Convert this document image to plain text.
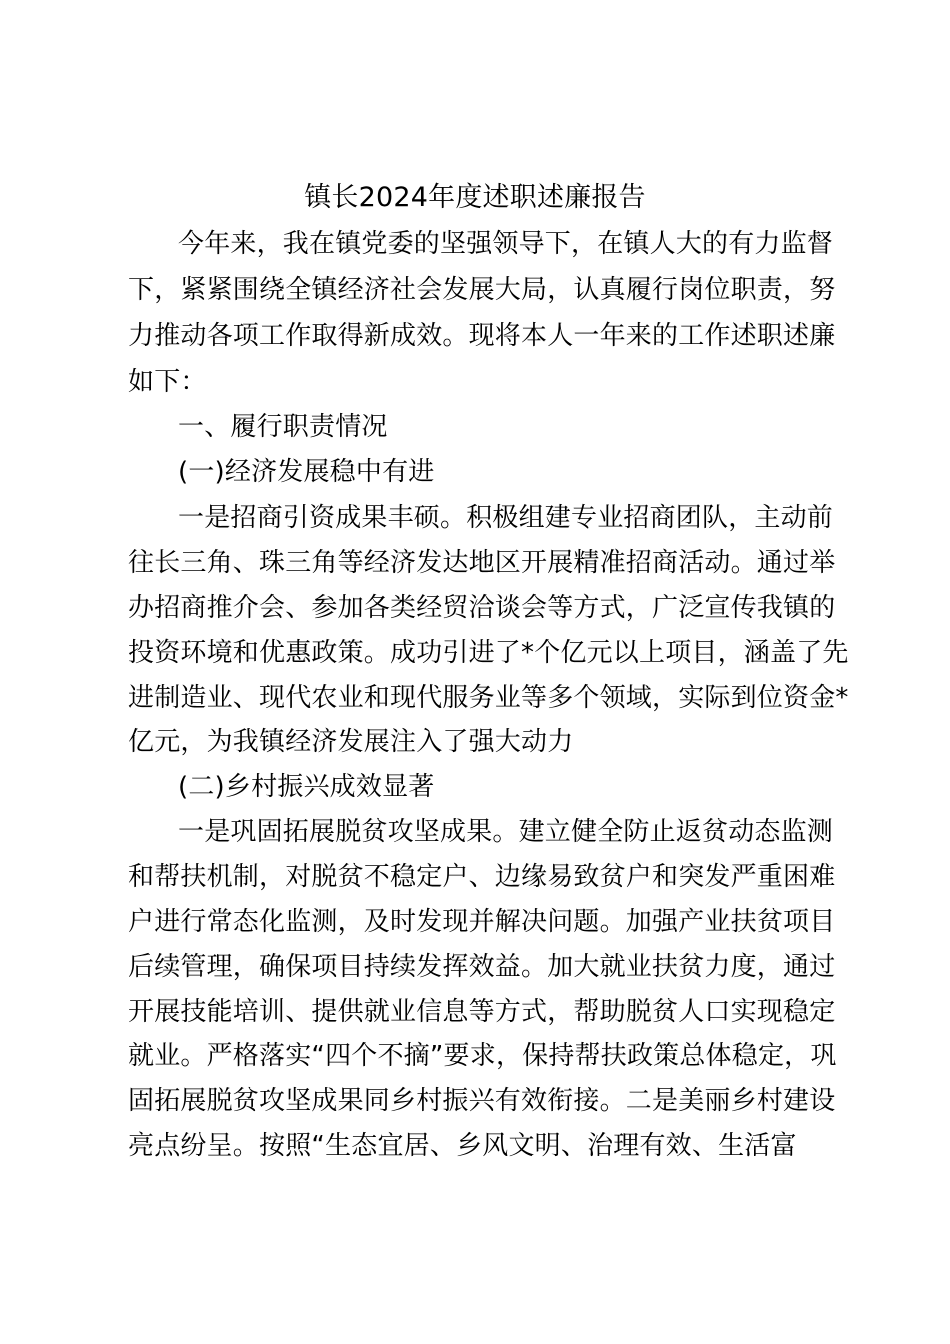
镇长2024年度述职述廉报告
今年来，我在镇党委的坚强领导下，在镇人大的有力监督
下，紧紧围绕全镇经济社会发展大局，认真履行岗位职责，努
力推动各项工作取得新成效。现将本人一年来的工作述职述廉
如下：
一、履行职责情况
(一)经济发展稳中有进
一是招商引资成果丰硕。积极组建专业招商团队，主动前
往长三角、珠三角等经济发达地区开展精准招商活动。通过举
办招商推介会、参加各类经贸洽谈会等方式，广泛宣传我镇的
投资环境和优惠政策。成功引进了*个亿元以上项目，涵盖了先
进制造业、现代农业和现代服务业等多个领域，实际到位资金*
亿元，为我镇经济发展注入了强大动力
(二)乡村振兴成效显著
一是巩固拓展脱贫攻坚成果。建立健全防止返贫动态监测
和帮扶机制，对脱贫不稳定户、边缘易致贫户和突发严重困难
户进行常态化监测，及时发现并解决问题。加强产业扶贫项目
后续管理，确保项目持续发挥效益。加大就业扶贫力度，通过
开展技能培训、提供就业信息等方式，帮助脱贫人口实现稳定
就业。严格落实“四个不摘”要求，保持帮扶政策总体稳定，巩
固拓展脱贫攻坚成果同乡村振兴有效衔接。二是美丽乡村建设
亮点纷呈。按照“生态宜居、乡风文明、治理有效、生活富
